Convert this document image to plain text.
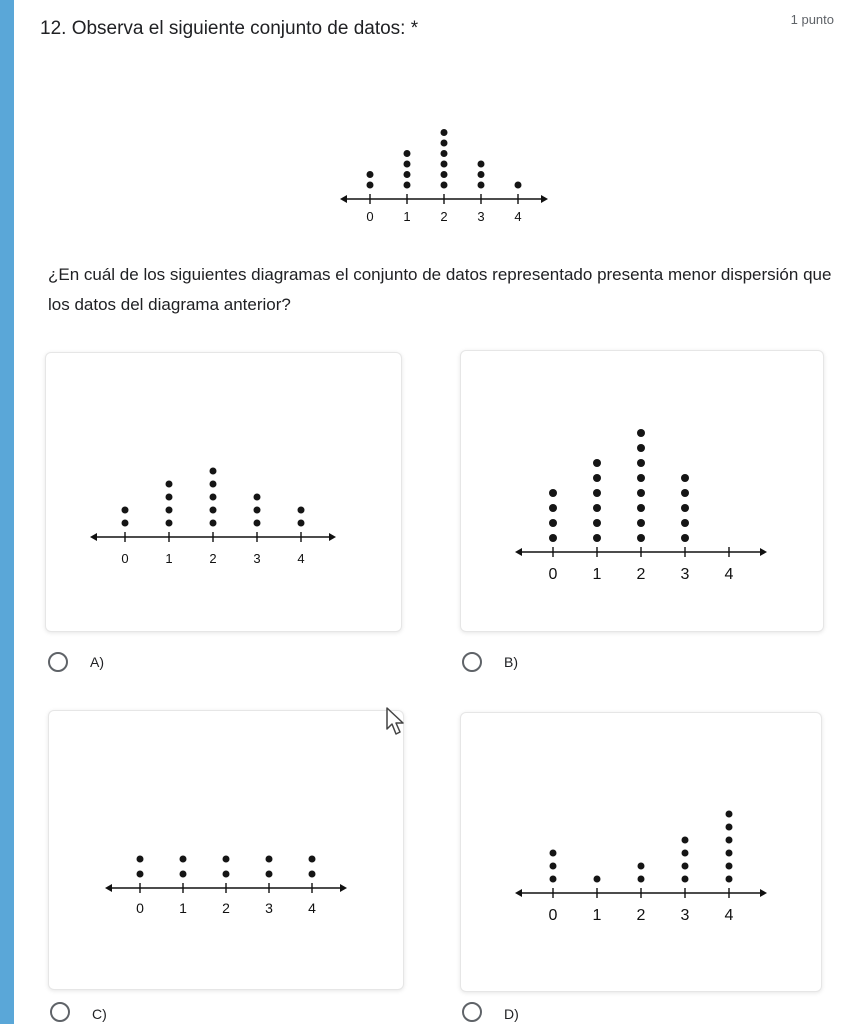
12. Observa el siguiente conjunto de datos: *	1 punto
0 1 2 3 4
¿En cuál de los siguientes diagramas el conjunto de datos representado presenta menor dispersión que los datos del diagrama anterior?
0	1	2	3	4
0 1 2 3 4
0	1	2	3	4	0 1 2 3 4
A)	B)
C)	D)
